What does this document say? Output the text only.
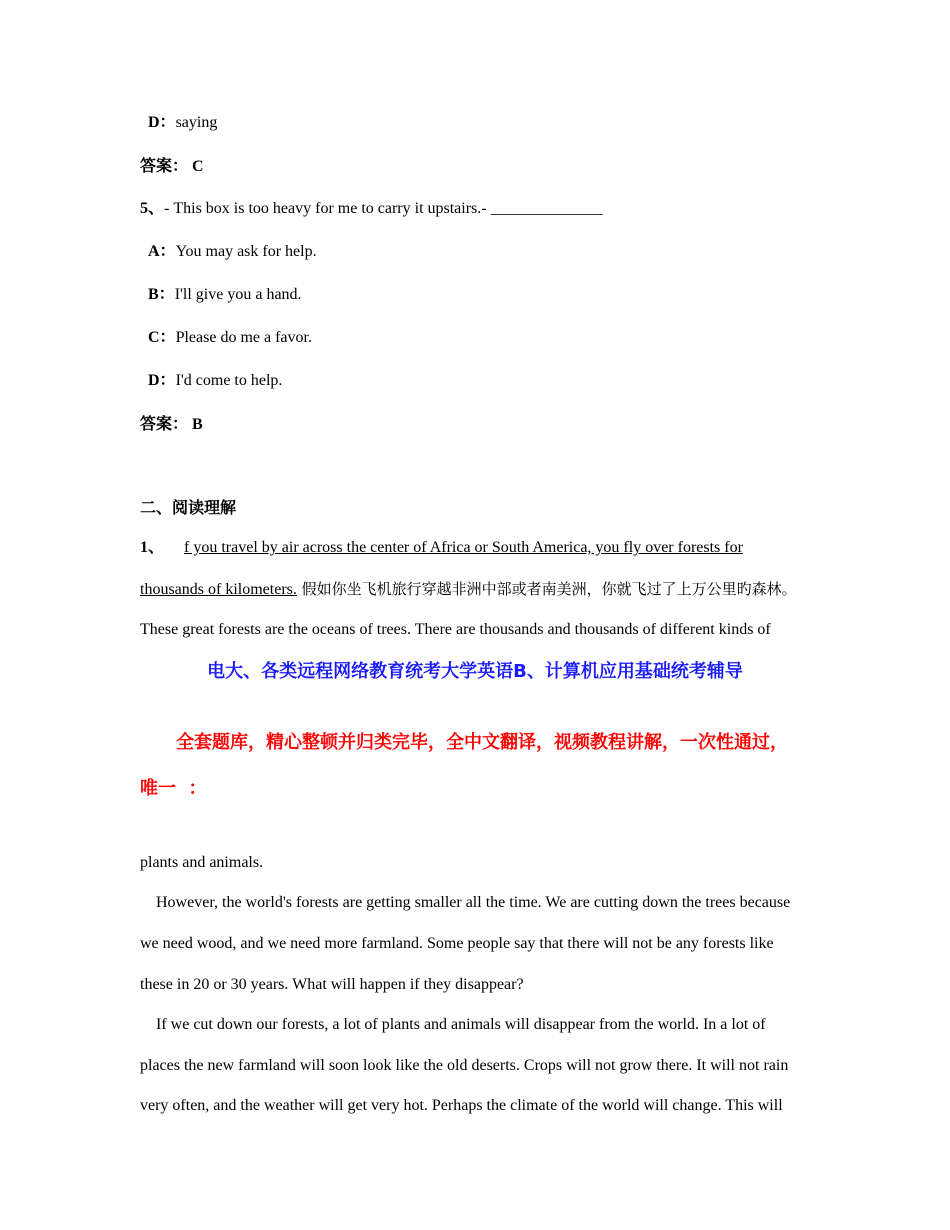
D：saying
答案： C
5、- This box is too heavy for me to carry it upstairs.- ______________
A：You may ask for help.
B：I'll give you a hand.
C：Please do me a favor.
D：I'd come to help.
答案： B
二、阅读理解
1、 f you travel by air across the center of Africa or South America, you fly over forests for
thousands of kilometers. 假如你坐飞机旅行穿越非洲中部或者南美洲，你就飞过了上万公里旳森林。
These great forests are the oceans of trees. There are thousands and thousands of different kinds of
电大、各类远程网络教育统考大学英语B、计算机应用基础统考辅导
全套题库，精心整顿并归类完毕，全中文翻译，视频教程讲解，一次性通过，
唯一  ：
plants and animals.
However, the world's forests are getting smaller all the time. We are cutting down the trees because
we need wood, and we need more farmland. Some people say that there will not be any forests like
these in 20 or 30 years. What will happen if they disappear?
If we cut down our forests, a lot of plants and animals will disappear from the world. In a lot of
places the new farmland will soon look like the old deserts. Crops will not grow there. It will not rain
very often, and the weather will get very hot. Perhaps the climate of the world will change. This will
